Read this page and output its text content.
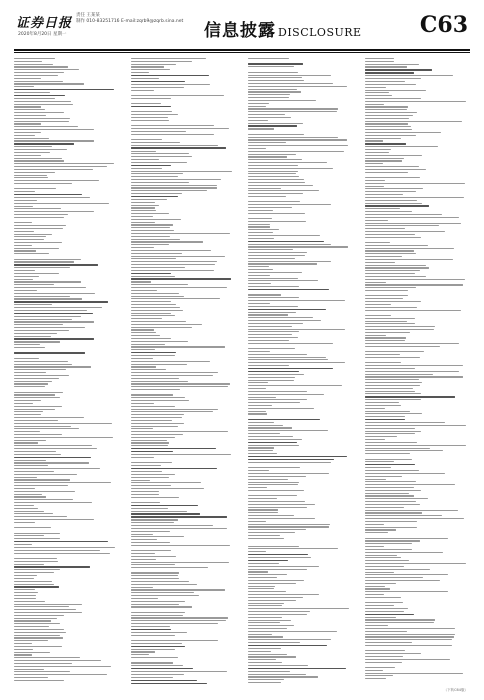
证券日报
责任 王某某
制作 010-83251716 E-mail:zqrb9@zqrb.sina.net
2020年8月20日 星期一	信息披露 DISCLOSURE	C63
（下转C64版）
